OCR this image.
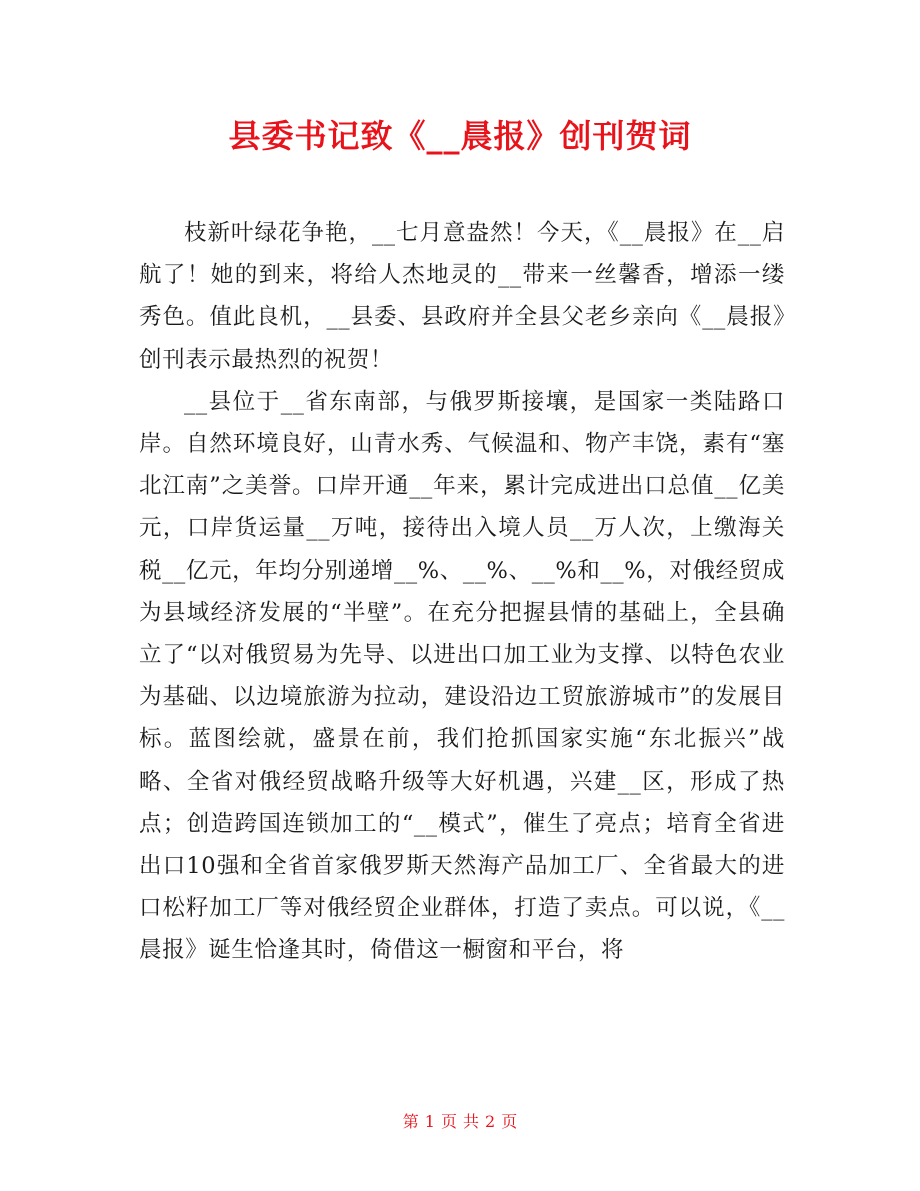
县委书记致《__晨报》创刊贺词

枝新叶绿花争艳，__七月意盎然！今天，《__晨报》在__启航了！她的到来，将给人杰地灵的__带来一丝馨香，增添一缕秀色。值此良机，__县委、县政府并全县父老乡亲向《__晨报》创刊表示最热烈的祝贺！

__县位于__省东南部，与俄罗斯接壤，是国家一类陆路口岸。自然环境良好，山青水秀、气候温和、物产丰饶，素有“塞北江南”之美誉。口岸开通__年来，累计完成进出口总值__亿美元，口岸货运量__万吨，接待出入境人员__万人次，上缴海关税__亿元，年均分别递增__%、__%、__%和__%，对俄经贸成为县域经济发展的“半壁”。在充分把握县情的基础上，全县确立了“以对俄贸易为先导、以进出口加工业为支撑、以特色农业为基础、以边境旅游为拉动，建设沿边工贸旅游城市”的发展目标。蓝图绘就，盛景在前，我们抢抓国家实施“东北振兴”战略、全省对俄经贸战略升级等大好机遇，兴建__区，形成了热点；创造跨国连锁加工的“__模式”，催生了亮点；培育全省进出口10强和全省首家俄罗斯天然海产品加工厂、全省最大的进口松籽加工厂等对俄经贸企业群体，打造了卖点。可以说，《__晨报》诞生恰逢其时，倚借这一橱窗和平台，将

第 1 页 共 2 页
